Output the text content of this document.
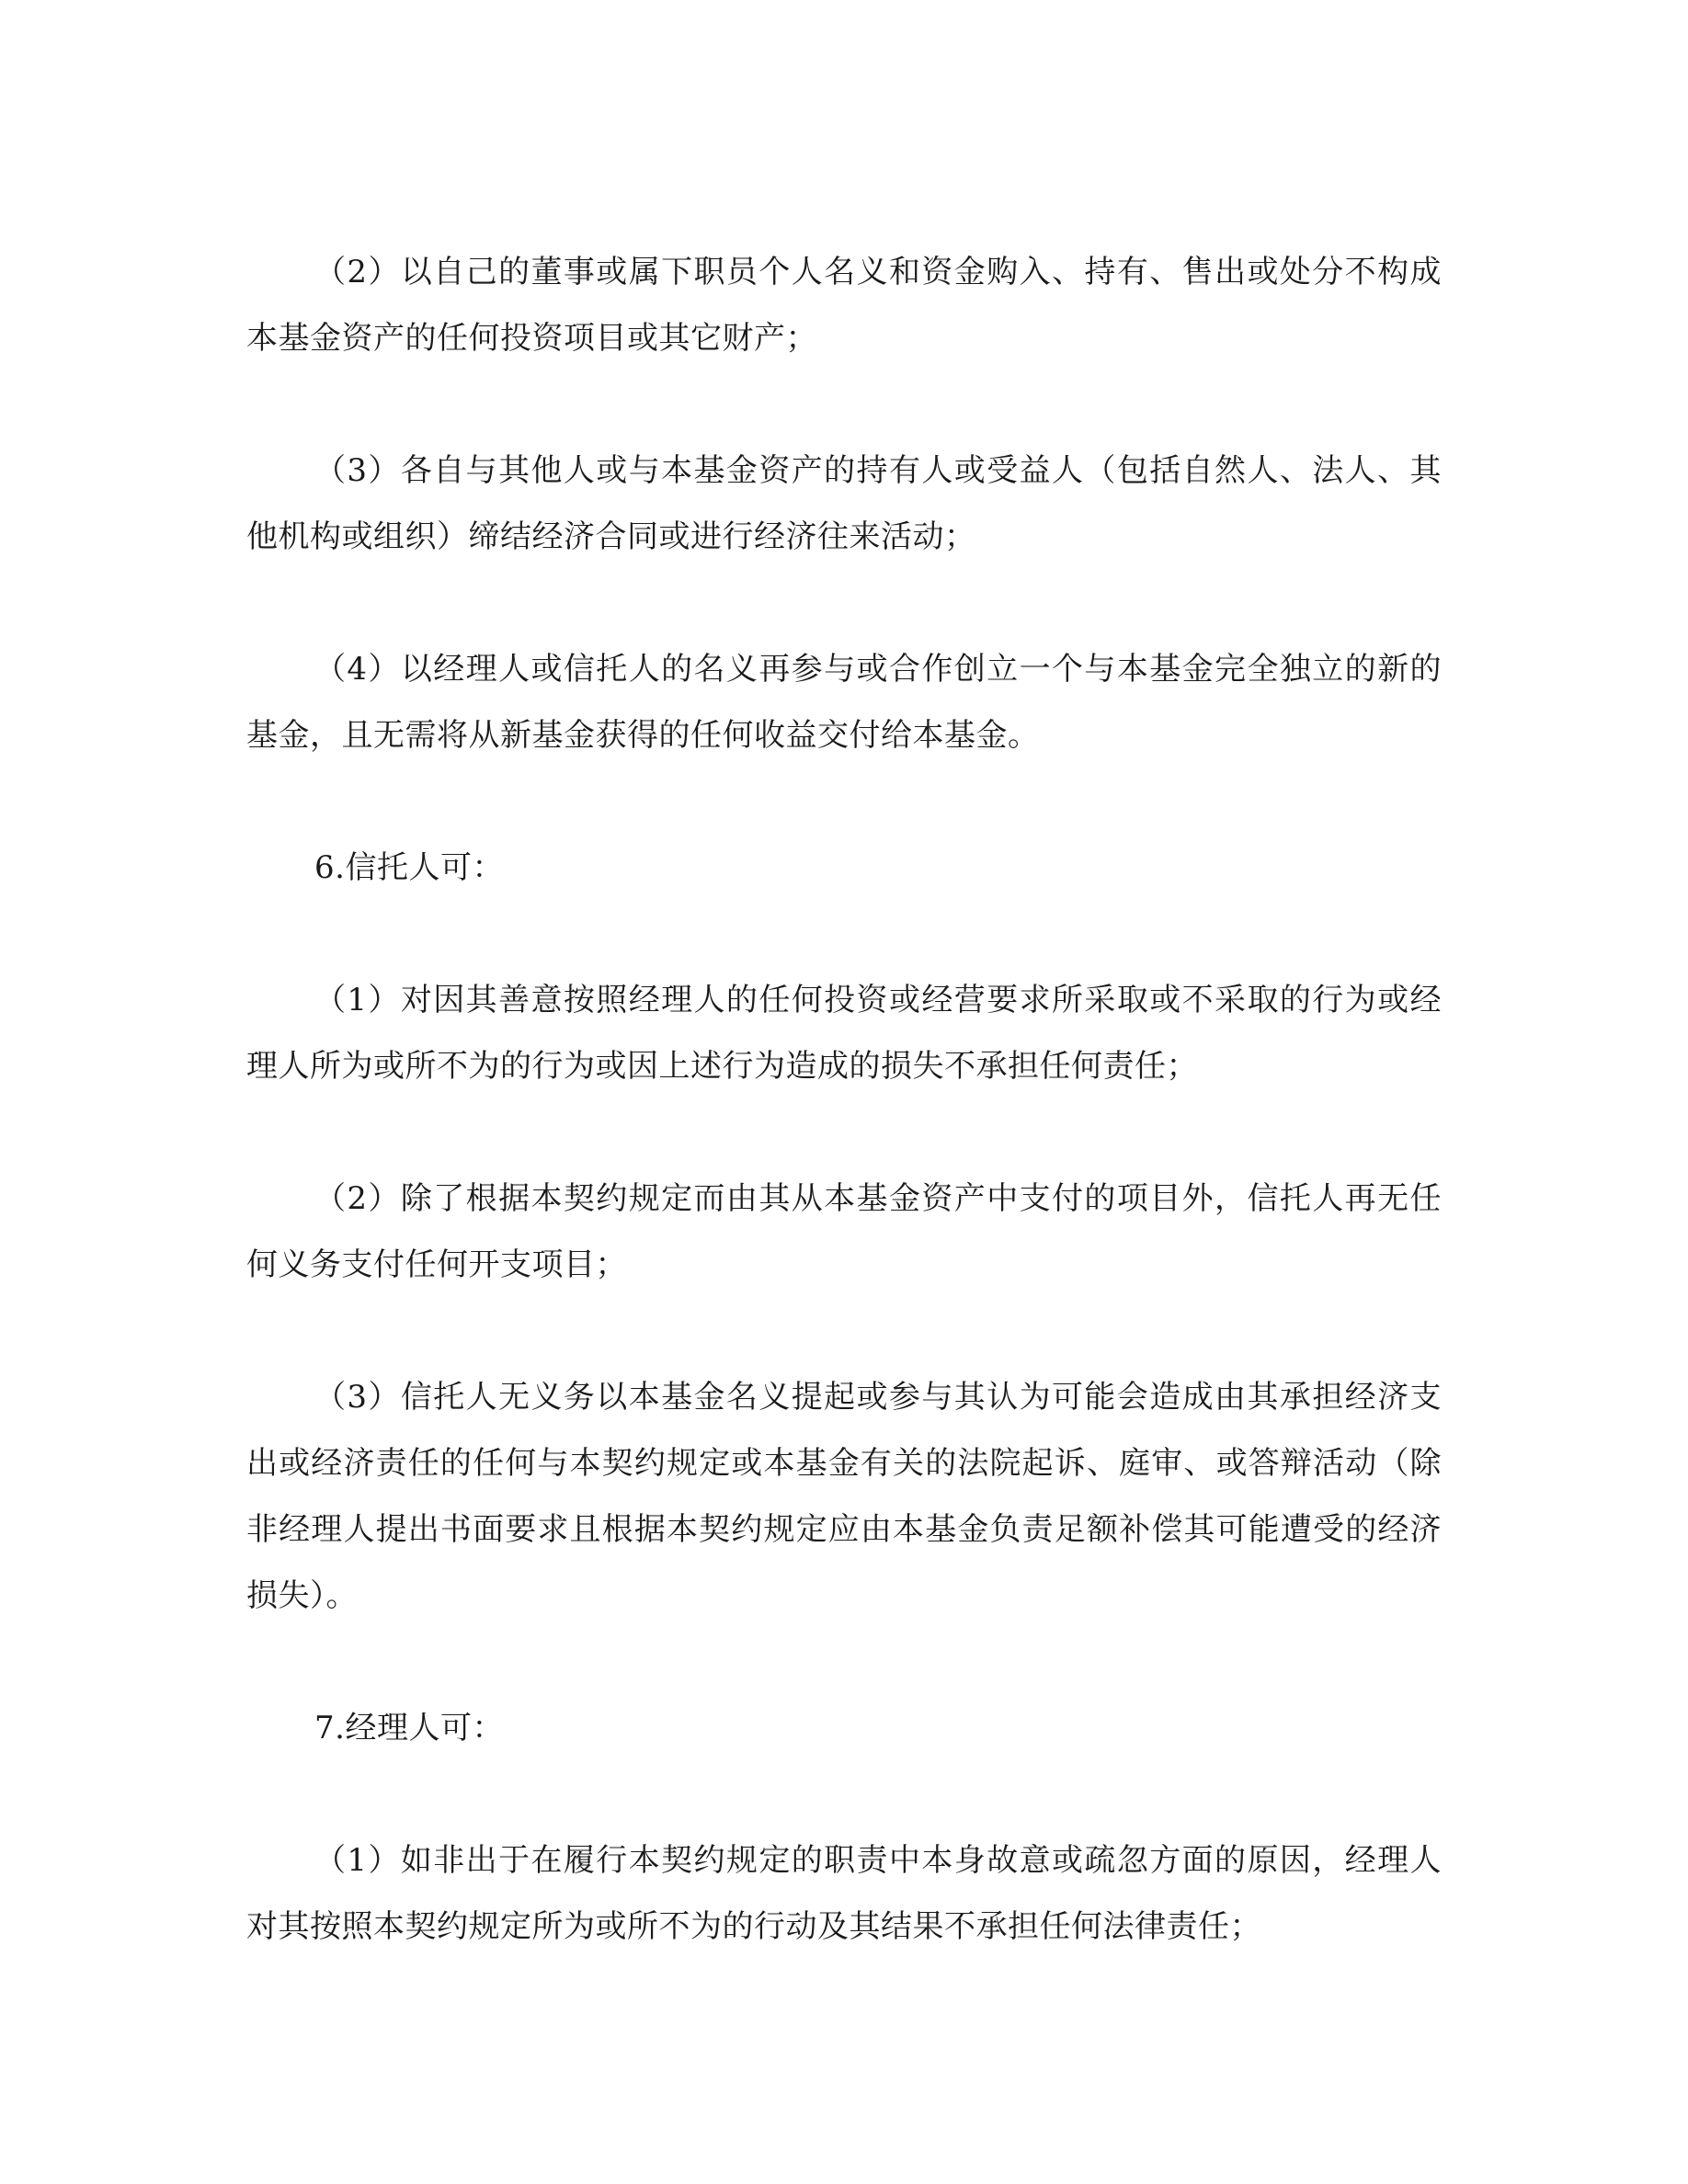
（2）以自己的董事或属下职员个人名义和资金购入、持有、售出或处分不构成本基金资产的任何投资项目或其它财产；

（3）各自与其他人或与本基金资产的持有人或受益人（包括自然人、法人、其他机构或组织）缔结经济合同或进行经济往来活动；

（4）以经理人或信托人的名义再参与或合作创立一个与本基金完全独立的新的基金，且无需将从新基金获得的任何收益交付给本基金。

6.信托人可：

（1）对因其善意按照经理人的任何投资或经营要求所采取或不采取的行为或经理人所为或所不为的行为或因上述行为造成的损失不承担任何责任；

（2）除了根据本契约规定而由其从本基金资产中支付的项目外，信托人再无任何义务支付任何开支项目；

（3）信托人无义务以本基金名义提起或参与其认为可能会造成由其承担经济支出或经济责任的任何与本契约规定或本基金有关的法院起诉、庭审、或答辩活动（除非经理人提出书面要求且根据本契约规定应由本基金负责足额补偿其可能遭受的经济损失）。

7.经理人可：

（1）如非出于在履行本契约规定的职责中本身故意或疏忽方面的原因，经理人对其按照本契约规定所为或所不为的行动及其结果不承担任何法律责任；
